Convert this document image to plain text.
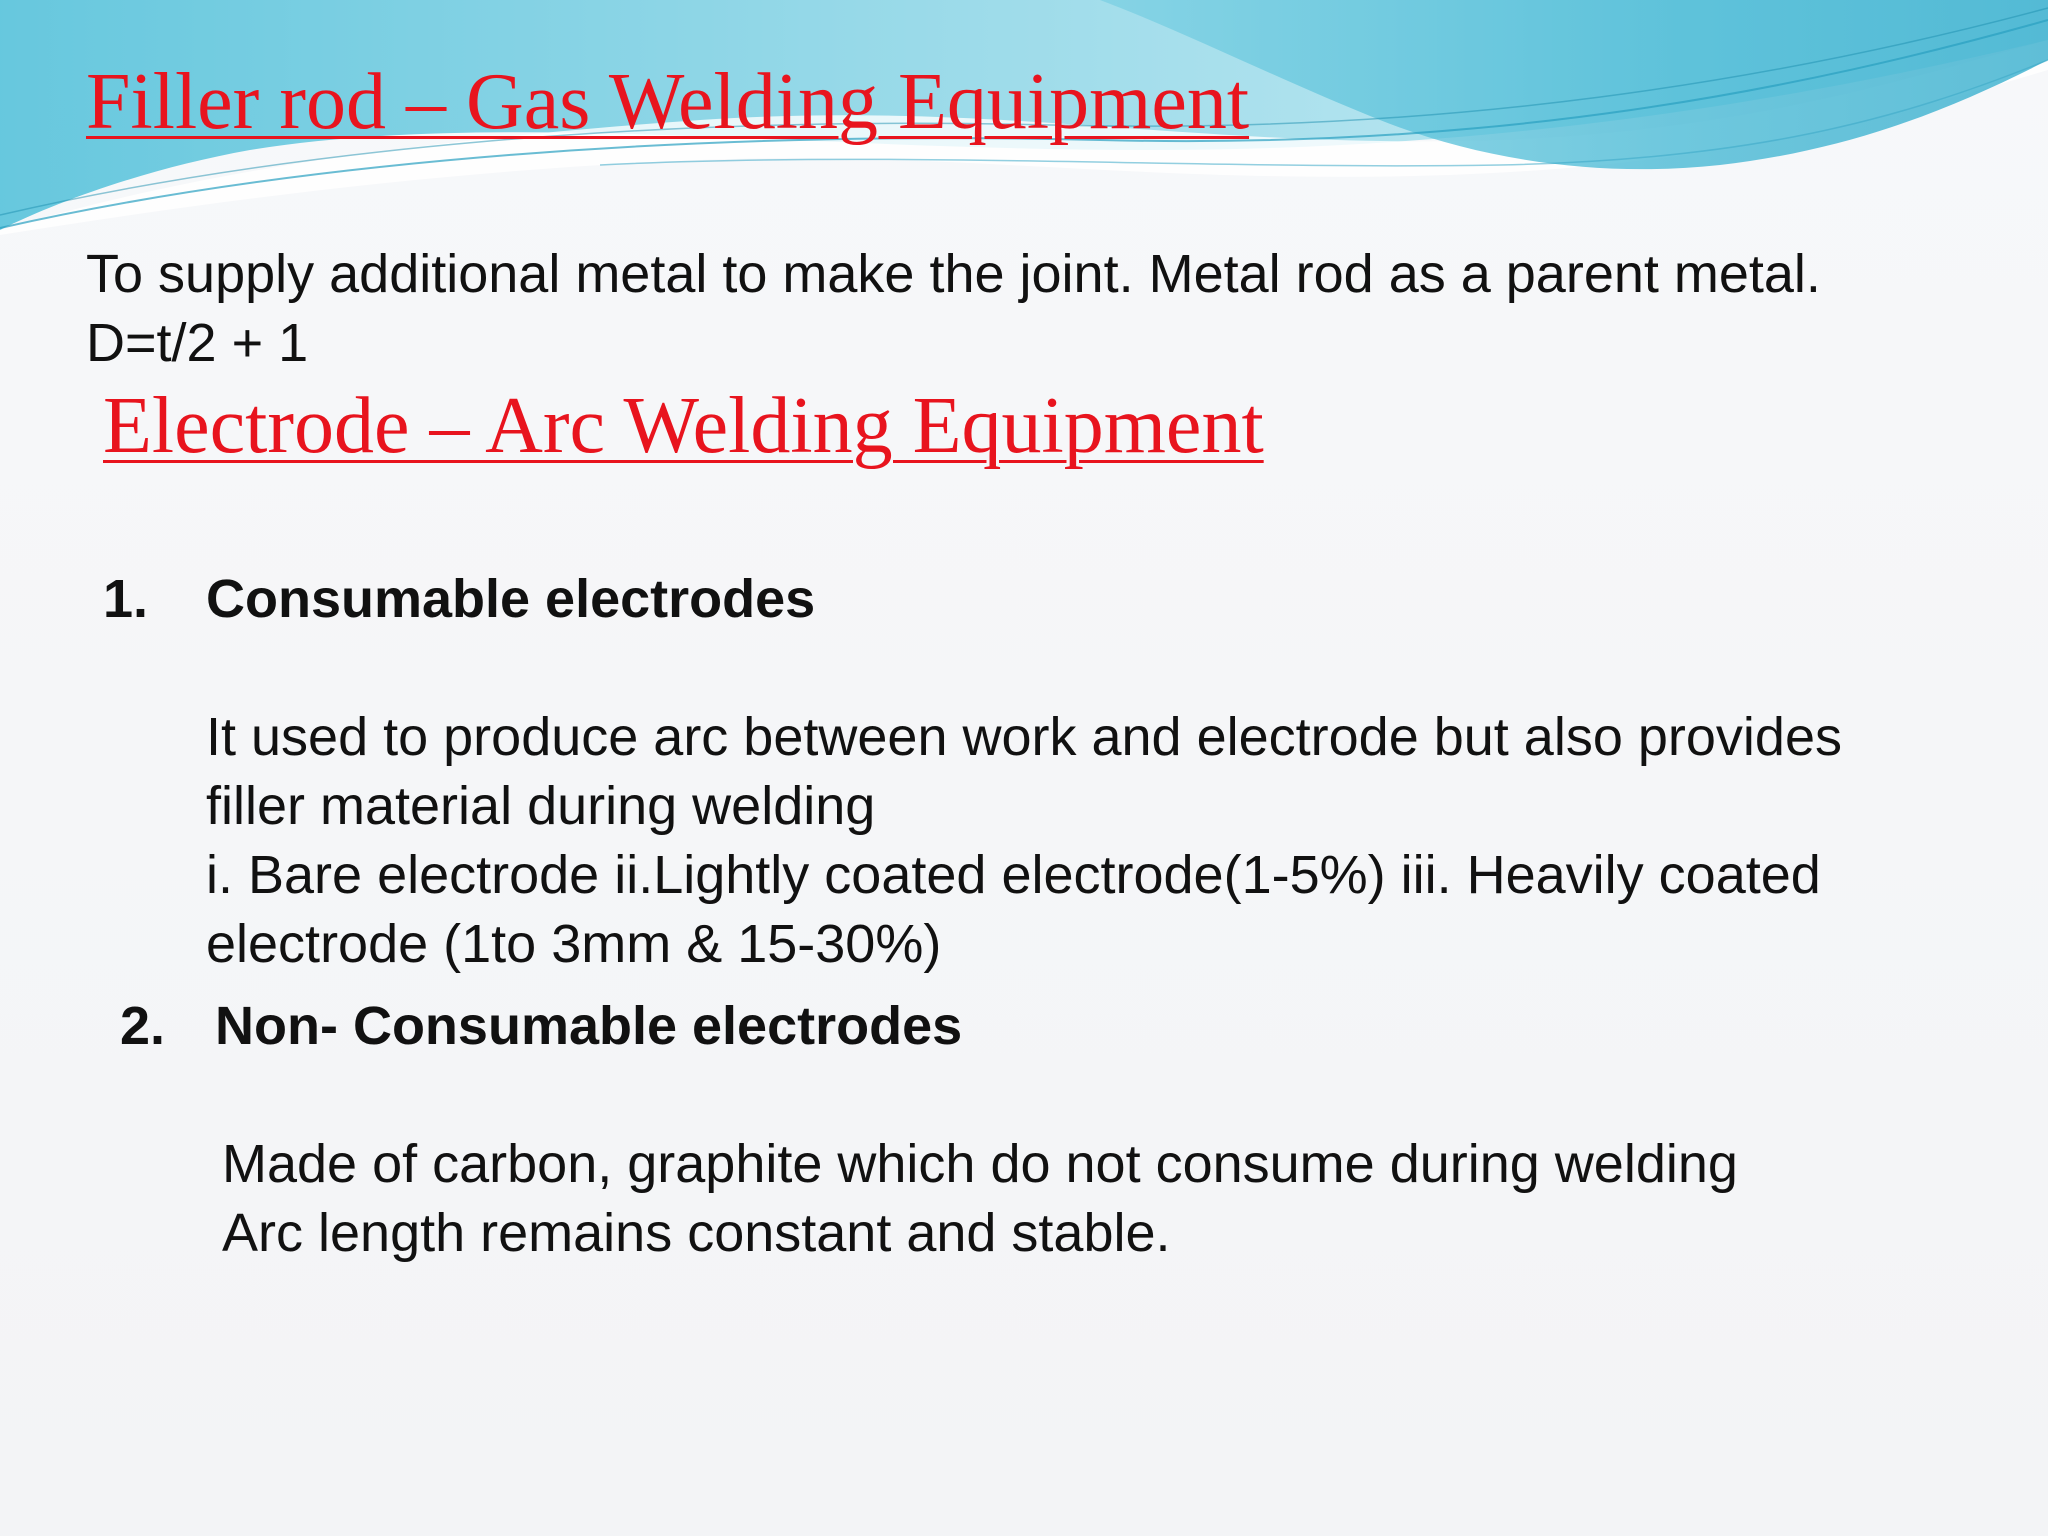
Filler rod – Gas Welding Equipment

To supply additional metal to make the joint. Metal rod as a parent metal.

D=t/2 + 1

Electrode – Arc Welding Equipment
1. Consumable electrodes

It used to produce arc between work and electrode but also provides

filler material during welding

i. Bare electrode ii.Lightly coated electrode(1-5%) iii. Heavily coated

electrode (1to 3mm & 15-30%)

2. Non- Consumable electrodes

Made of carbon, graphite which do not consume during welding

Arc length remains constant and stable.
